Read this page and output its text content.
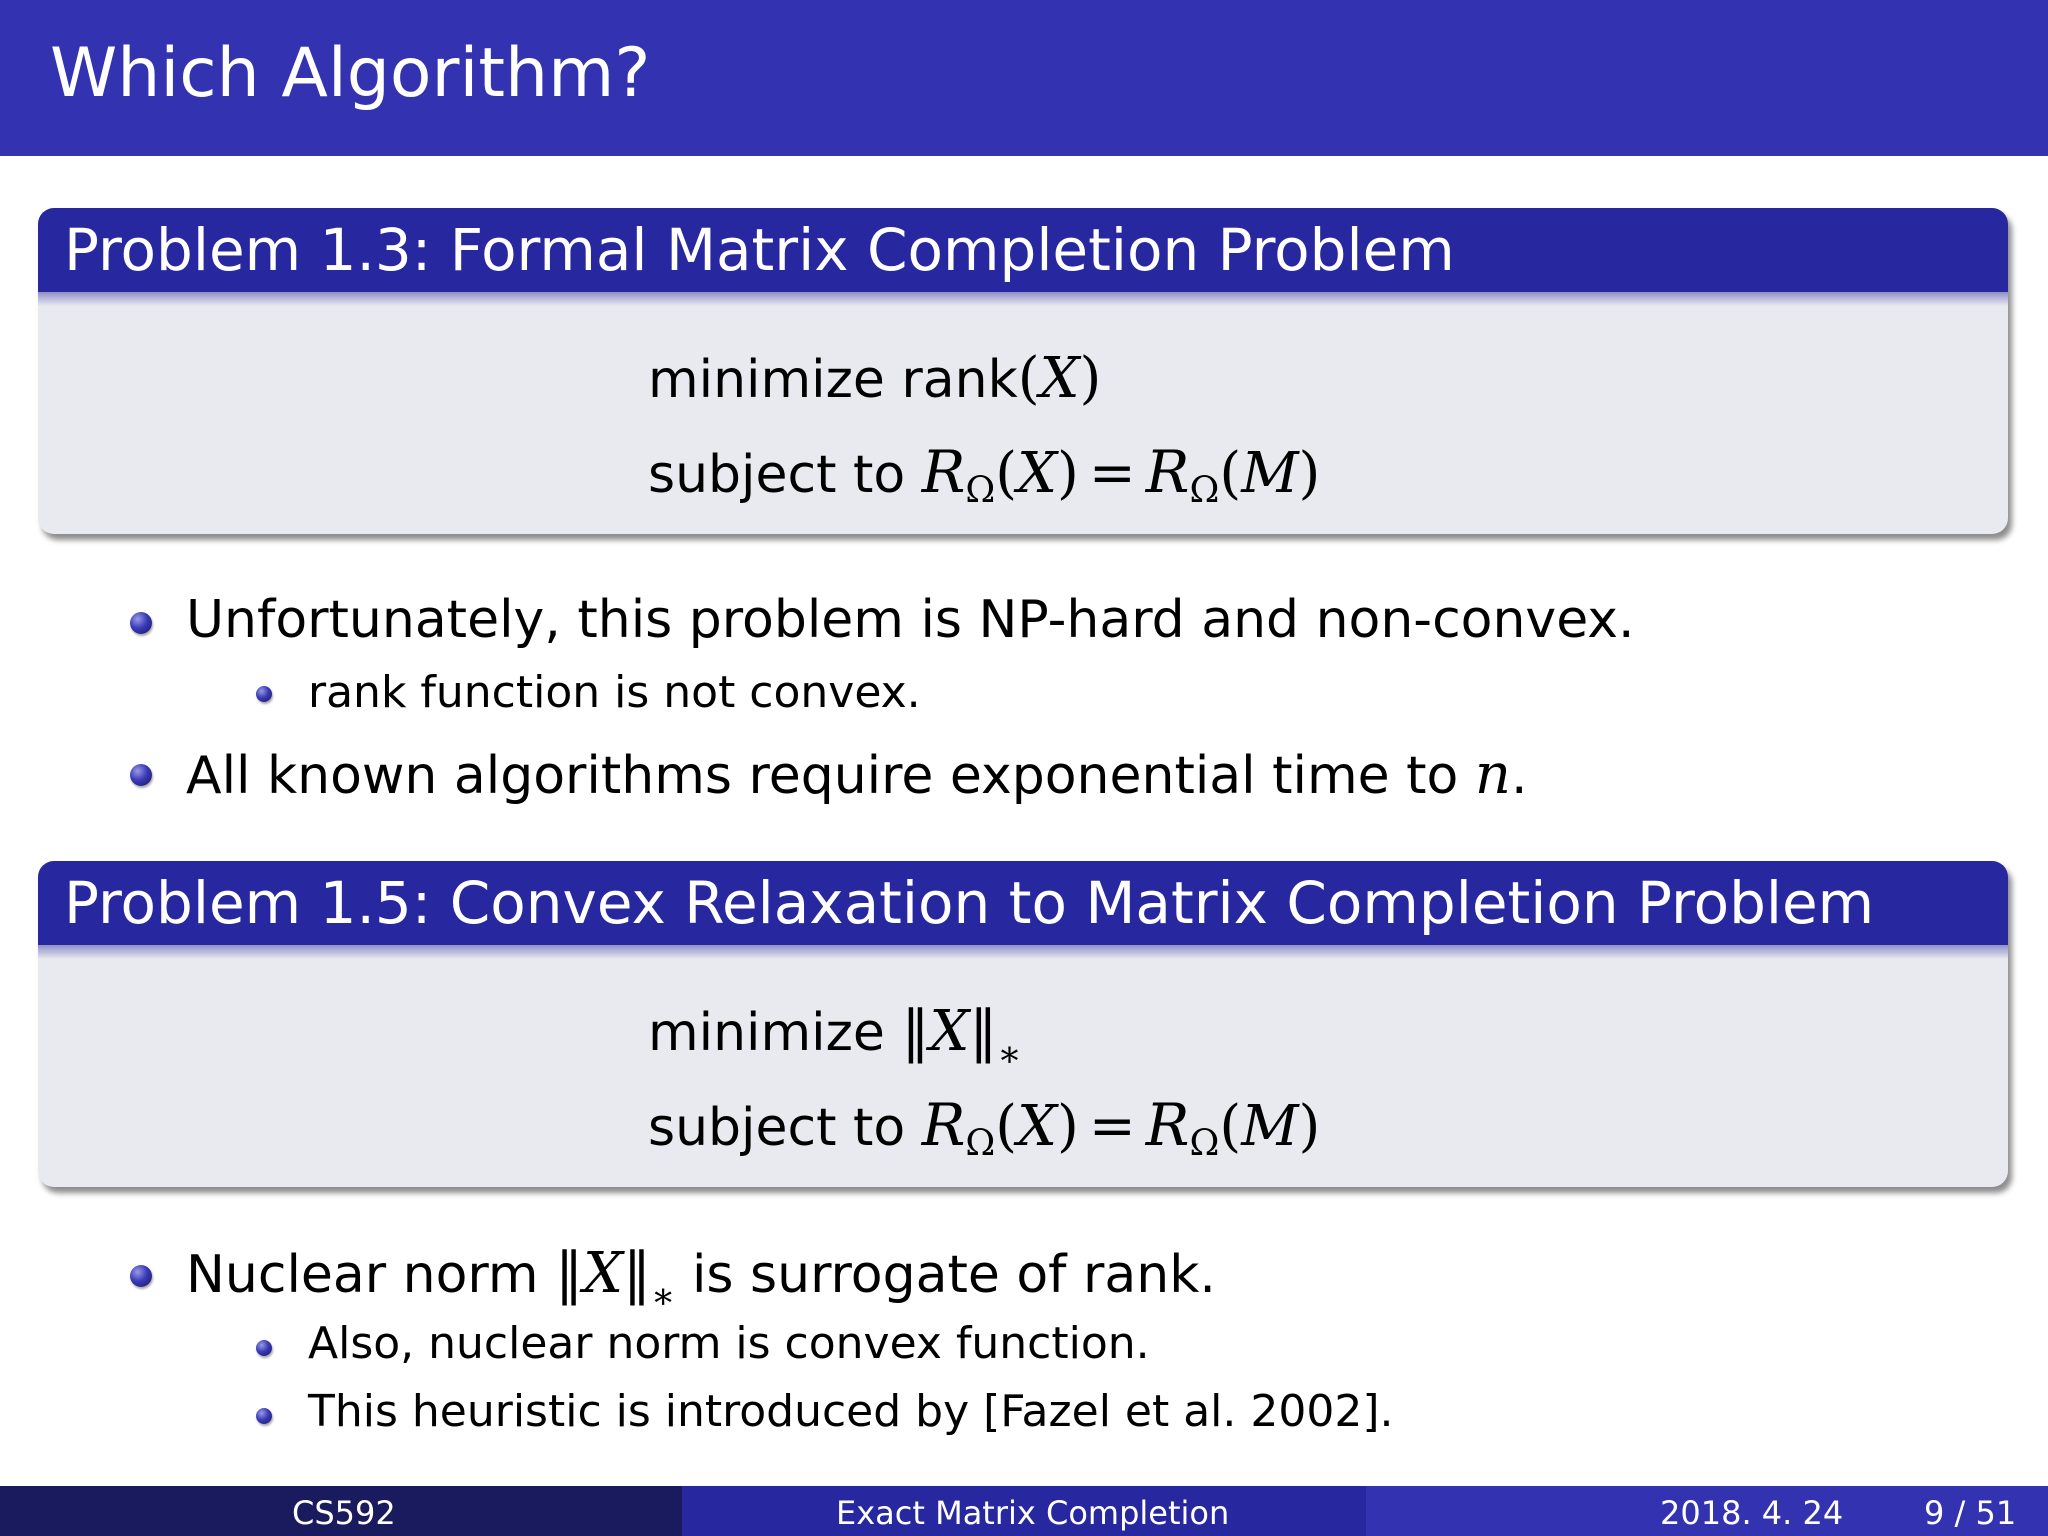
Which Algorithm?
Problem 1.3: Formal Matrix Completion Problem
minimize rank(X)
subject to $R_\Omega(X) = R_\Omega(M)$
Unfortunately, this problem is NP-hard and non-convex.
rank function is not convex.
All known algorithms require exponential time to n.
Problem 1.5: Convex Relaxation to Matrix Completion Problem
minimize $‖X‖_∗$
subject to $R_\Omega(X) = R_\Omega(M)$
Nuclear norm $‖X‖_∗$ is surrogate of rank.
Also, nuclear norm is convex function.
This heuristic is introduced by [Fazel et al. 2002].
CS592	Exact Matrix Completion	2018. 4. 24	9 / 51
